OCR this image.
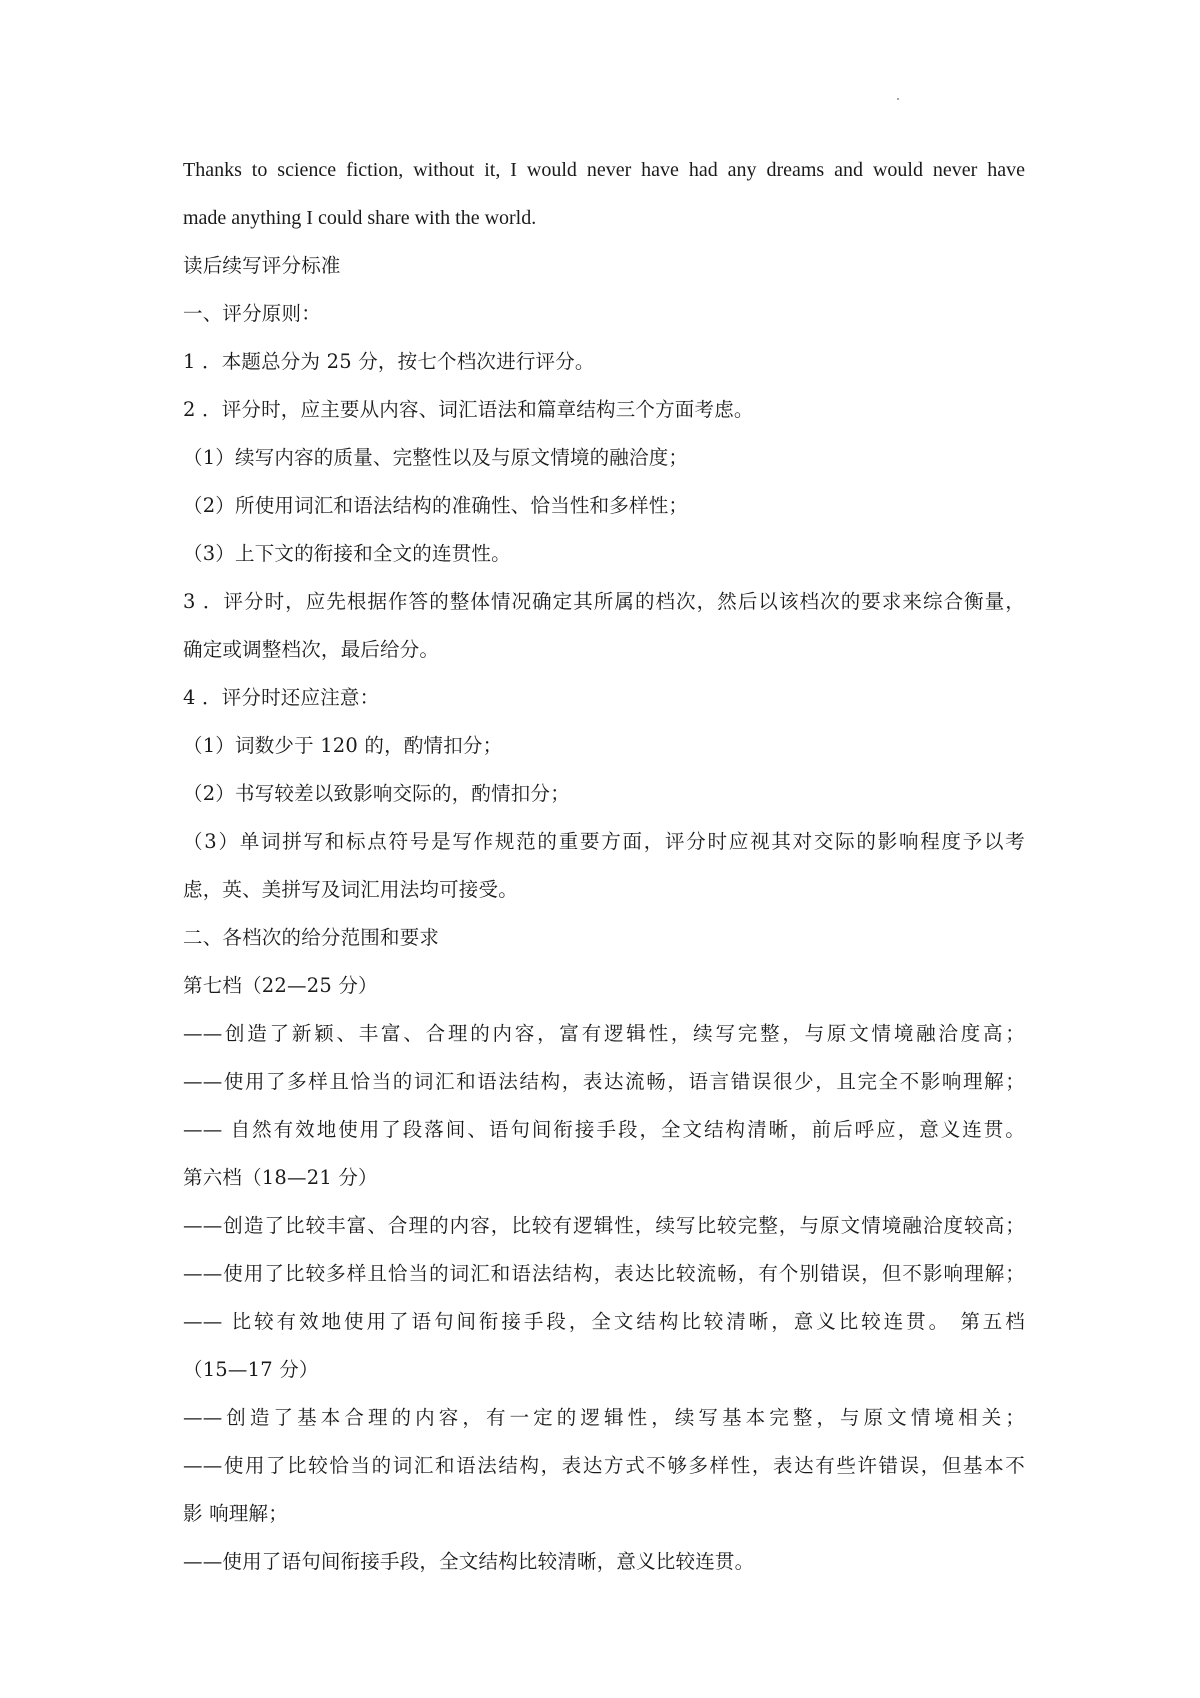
Thanks to science fiction, without it, I would never have had any dreams and would never have
made anything I could share with the world.
读后续写评分标准
一、评分原则：
1 ．本题总分为 25 分，按七个档次进行评分。
2 ．评分时，应主要从内容、词汇语法和篇章结构三个方面考虑。
（1）续写内容的质量、完整性以及与原文情境的融洽度；
（2）所使用词汇和语法结构的准确性、恰当性和多样性；
（3）上下文的衔接和全文的连贯性。
3 ．评分时，应先根据作答的整体情况确定其所属的档次，然后以该档次的要求来综合衡量，
确定或调整档次，最后给分。
4 ．评分时还应注意：
（1）词数少于 120 的，酌情扣分；
（2）书写较差以致影响交际的，酌情扣分；
（3）单词拼写和标点符号是写作规范的重要方面，评分时应视其对交际的影响程度予以考
虑，英、美拼写及词汇用法均可接受。
二、各档次的给分范围和要求
第七档（22—25 分）
——创造了新颖、丰富、合理的内容，富有逻辑性，续写完整，与原文情境融洽度高；
——使用了多样且恰当的词汇和语法结构，表达流畅，语言错误很少，且完全不影响理解；
—— 自然有效地使用了段落间、语句间衔接手段，全文结构清晰，前后呼应，意义连贯。
第六档（18—21 分）
——创造了比较丰富、合理的内容，比较有逻辑性，续写比较完整，与原文情境融洽度较高；
——使用了比较多样且恰当的词汇和语法结构，表达比较流畅，有个别错误，但不影响理解；
—— 比较有效地使用了语句间衔接手段，全文结构比较清晰，意义比较连贯。 第五档
（15—17 分）
——创造了基本合理的内容，有一定的逻辑性，续写基本完整，与原文情境相关；
——使用了比较恰当的词汇和语法结构，表达方式不够多样性，表达有些许错误，但基本不
影 响理解；
——使用了语句间衔接手段，全文结构比较清晰，意义比较连贯。
